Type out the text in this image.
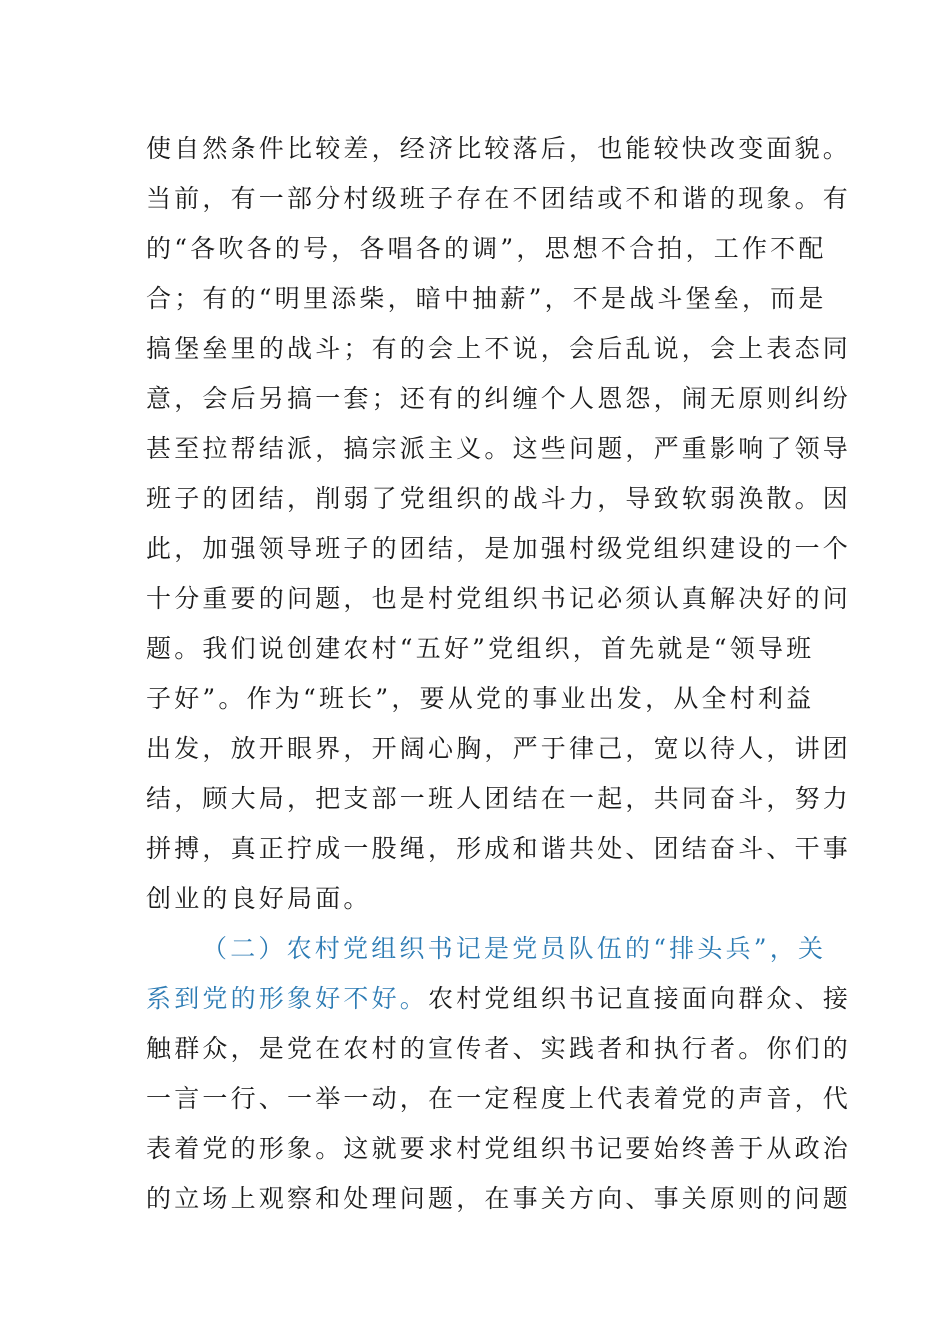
使自然条件比较差，经济比较落后，也能较快改变面貌。
当前，有一部分村级班子存在不团结或不和谐的现象。有
的“各吹各的号，各唱各的调”，思想不合拍，工作不配
合；有的“明里添柴，暗中抽薪”，不是战斗堡垒，而是
搞堡垒里的战斗；有的会上不说，会后乱说，会上表态同
意，会后另搞一套；还有的纠缠个人恩怨，闹无原则纠纷
甚至拉帮结派，搞宗派主义。这些问题，严重影响了领导
班子的团结，削弱了党组织的战斗力，导致软弱涣散。因
此，加强领导班子的团结，是加强村级党组织建设的一个
十分重要的问题，也是村党组织书记必须认真解决好的问
题。我们说创建农村“五好”党组织，首先就是“领导班
子好”。作为“班长”，要从党的事业出发，从全村利益
出发，放开眼界，开阔心胸，严于律己，宽以待人，讲团
结，顾大局，把支部一班人团结在一起，共同奋斗，努力
拼搏，真正拧成一股绳，形成和谐共处、团结奋斗、干事
创业的良好局面。
（二）农村党组织书记是党员队伍的“排头兵”，关
系到党的形象好不好。农村党组织书记直接面向群众、接
触群众，是党在农村的宣传者、实践者和执行者。你们的
一言一行、一举一动，在一定程度上代表着党的声音，代
表着党的形象。这就要求村党组织书记要始终善于从政治
的立场上观察和处理问题，在事关方向、事关原则的问题
